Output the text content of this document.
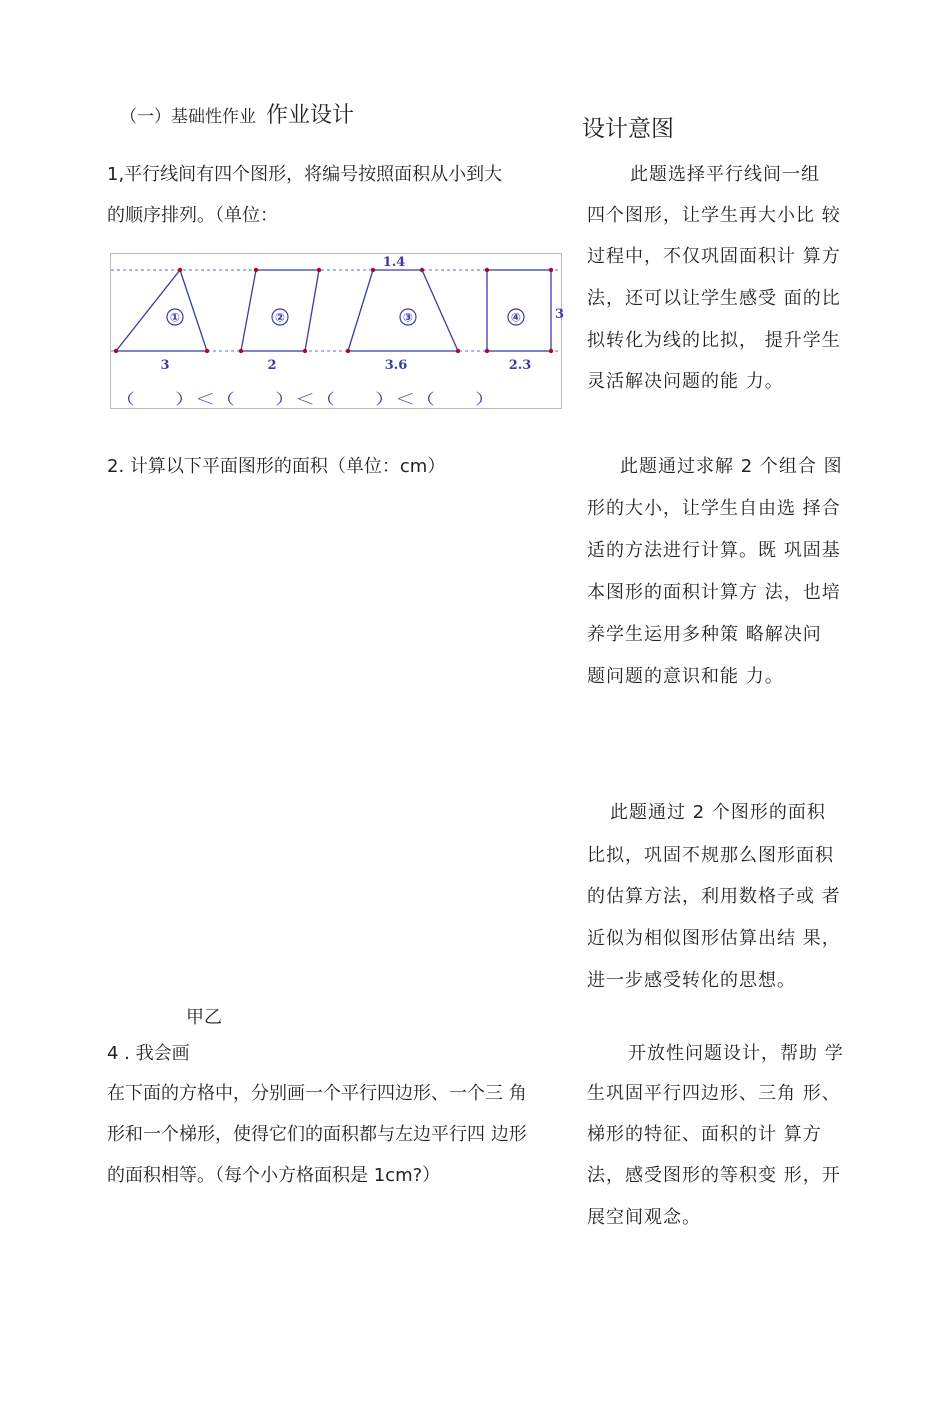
（一）基础性作业 作业设计
设计意图
1,平行线间有四个图形，将编号按照面积从小到大
的顺序排列。（单位：
①	②	③	④
1.4
3
3	2	3.6	2.3
（　　）＜（　　）＜（　　）＜（　　）
此题选择平行线间一组
四个图形，让学生再大小比 较
过程中，不仅巩固面积计 算方
法，还可以让学生感受 面的比
拟转化为线的比拟， 提升学生
灵活解决问题的能 力。
2. 计算以下平面图形的面积（单位：cm）	此题通过求解 2 个组合 图
形的大小，让学生自由选 择合
适的方法进行计算。既 巩固基
本图形的面积计算方 法，也培
养学生运用多种策 略解决问
题问题的意识和能 力。
此题通过 2 个图形的面积
比拟，巩固不规那么图形面积
的估算方法，利用数格子或 者
近似为相似图形估算出结 果，
进一步感受转化的思想。
甲乙
4 . 我会画
在下面的方格中，分别画一个平行四边形、一个三 角
形和一个梯形，使得它们的面积都与左边平行四 边形
的面积相等。（每个小方格面积是 1cm?）
开放性问题设计，帮助 学
生巩固平行四边形、三角 形、
梯形的特征、面积的计 算方
法，感受图形的等积变 形，开
展空间观念。
